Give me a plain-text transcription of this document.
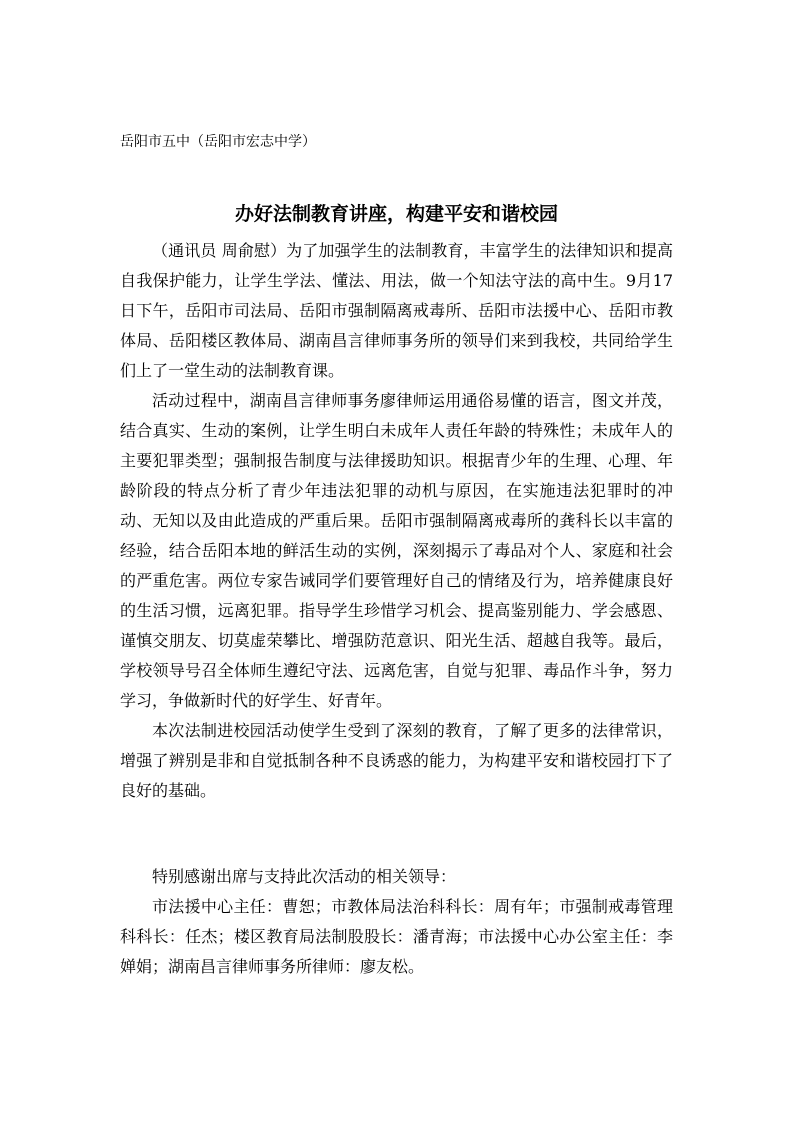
岳阳市五中（岳阳市宏志中学）
办好法制教育讲座，构建平安和谐校园

（通讯员 周俞慰）为了加强学生的法制教育，丰富学生的法律知识和提高自我保护能力，让学生学法、懂法、用法，做一个知法守法的高中生。9月17日下午，岳阳市司法局、岳阳市强制隔离戒毒所、岳阳市法援中心、岳阳市教体局、岳阳楼区教体局、湖南昌言律师事务所的领导们来到我校，共同给学生们上了一堂生动的法制教育课。

活动过程中，湖南昌言律师事务廖律师运用通俗易懂的语言，图文并茂，结合真实、生动的案例，让学生明白未成年人责任年龄的特殊性；未成年人的主要犯罪类型；强制报告制度与法律援助知识。根据青少年的生理、心理、年龄阶段的特点分析了青少年违法犯罪的动机与原因，在实施违法犯罪时的冲动、无知以及由此造成的严重后果。岳阳市强制隔离戒毒所的龚科长以丰富的经验，结合岳阳本地的鲜活生动的实例，深刻揭示了毒品对个人、家庭和社会的严重危害。两位专家告诫同学们要管理好自己的情绪及行为，培养健康良好的生活习惯，远离犯罪。指导学生珍惜学习机会、提高鉴别能力、学会感恩、谨慎交朋友、切莫虚荣攀比、增强防范意识、阳光生活、超越自我等。最后，学校领导号召全体师生遵纪守法、远离危害，自觉与犯罪、毒品作斗争，努力学习，争做新时代的好学生、好青年。

本次法制进校园活动使学生受到了深刻的教育，了解了更多的法律常识，增强了辨别是非和自觉抵制各种不良诱惑的能力，为构建平安和谐校园打下了良好的基础。

特别感谢出席与支持此次活动的相关领导：

市法援中心主任：曹恕；市教体局法治科科长：周有年；市强制戒毒管理科科长：任杰；楼区教育局法制股股长：潘青海；市法援中心办公室主任：李婵娟；湖南昌言律师事务所律师：廖友松。
